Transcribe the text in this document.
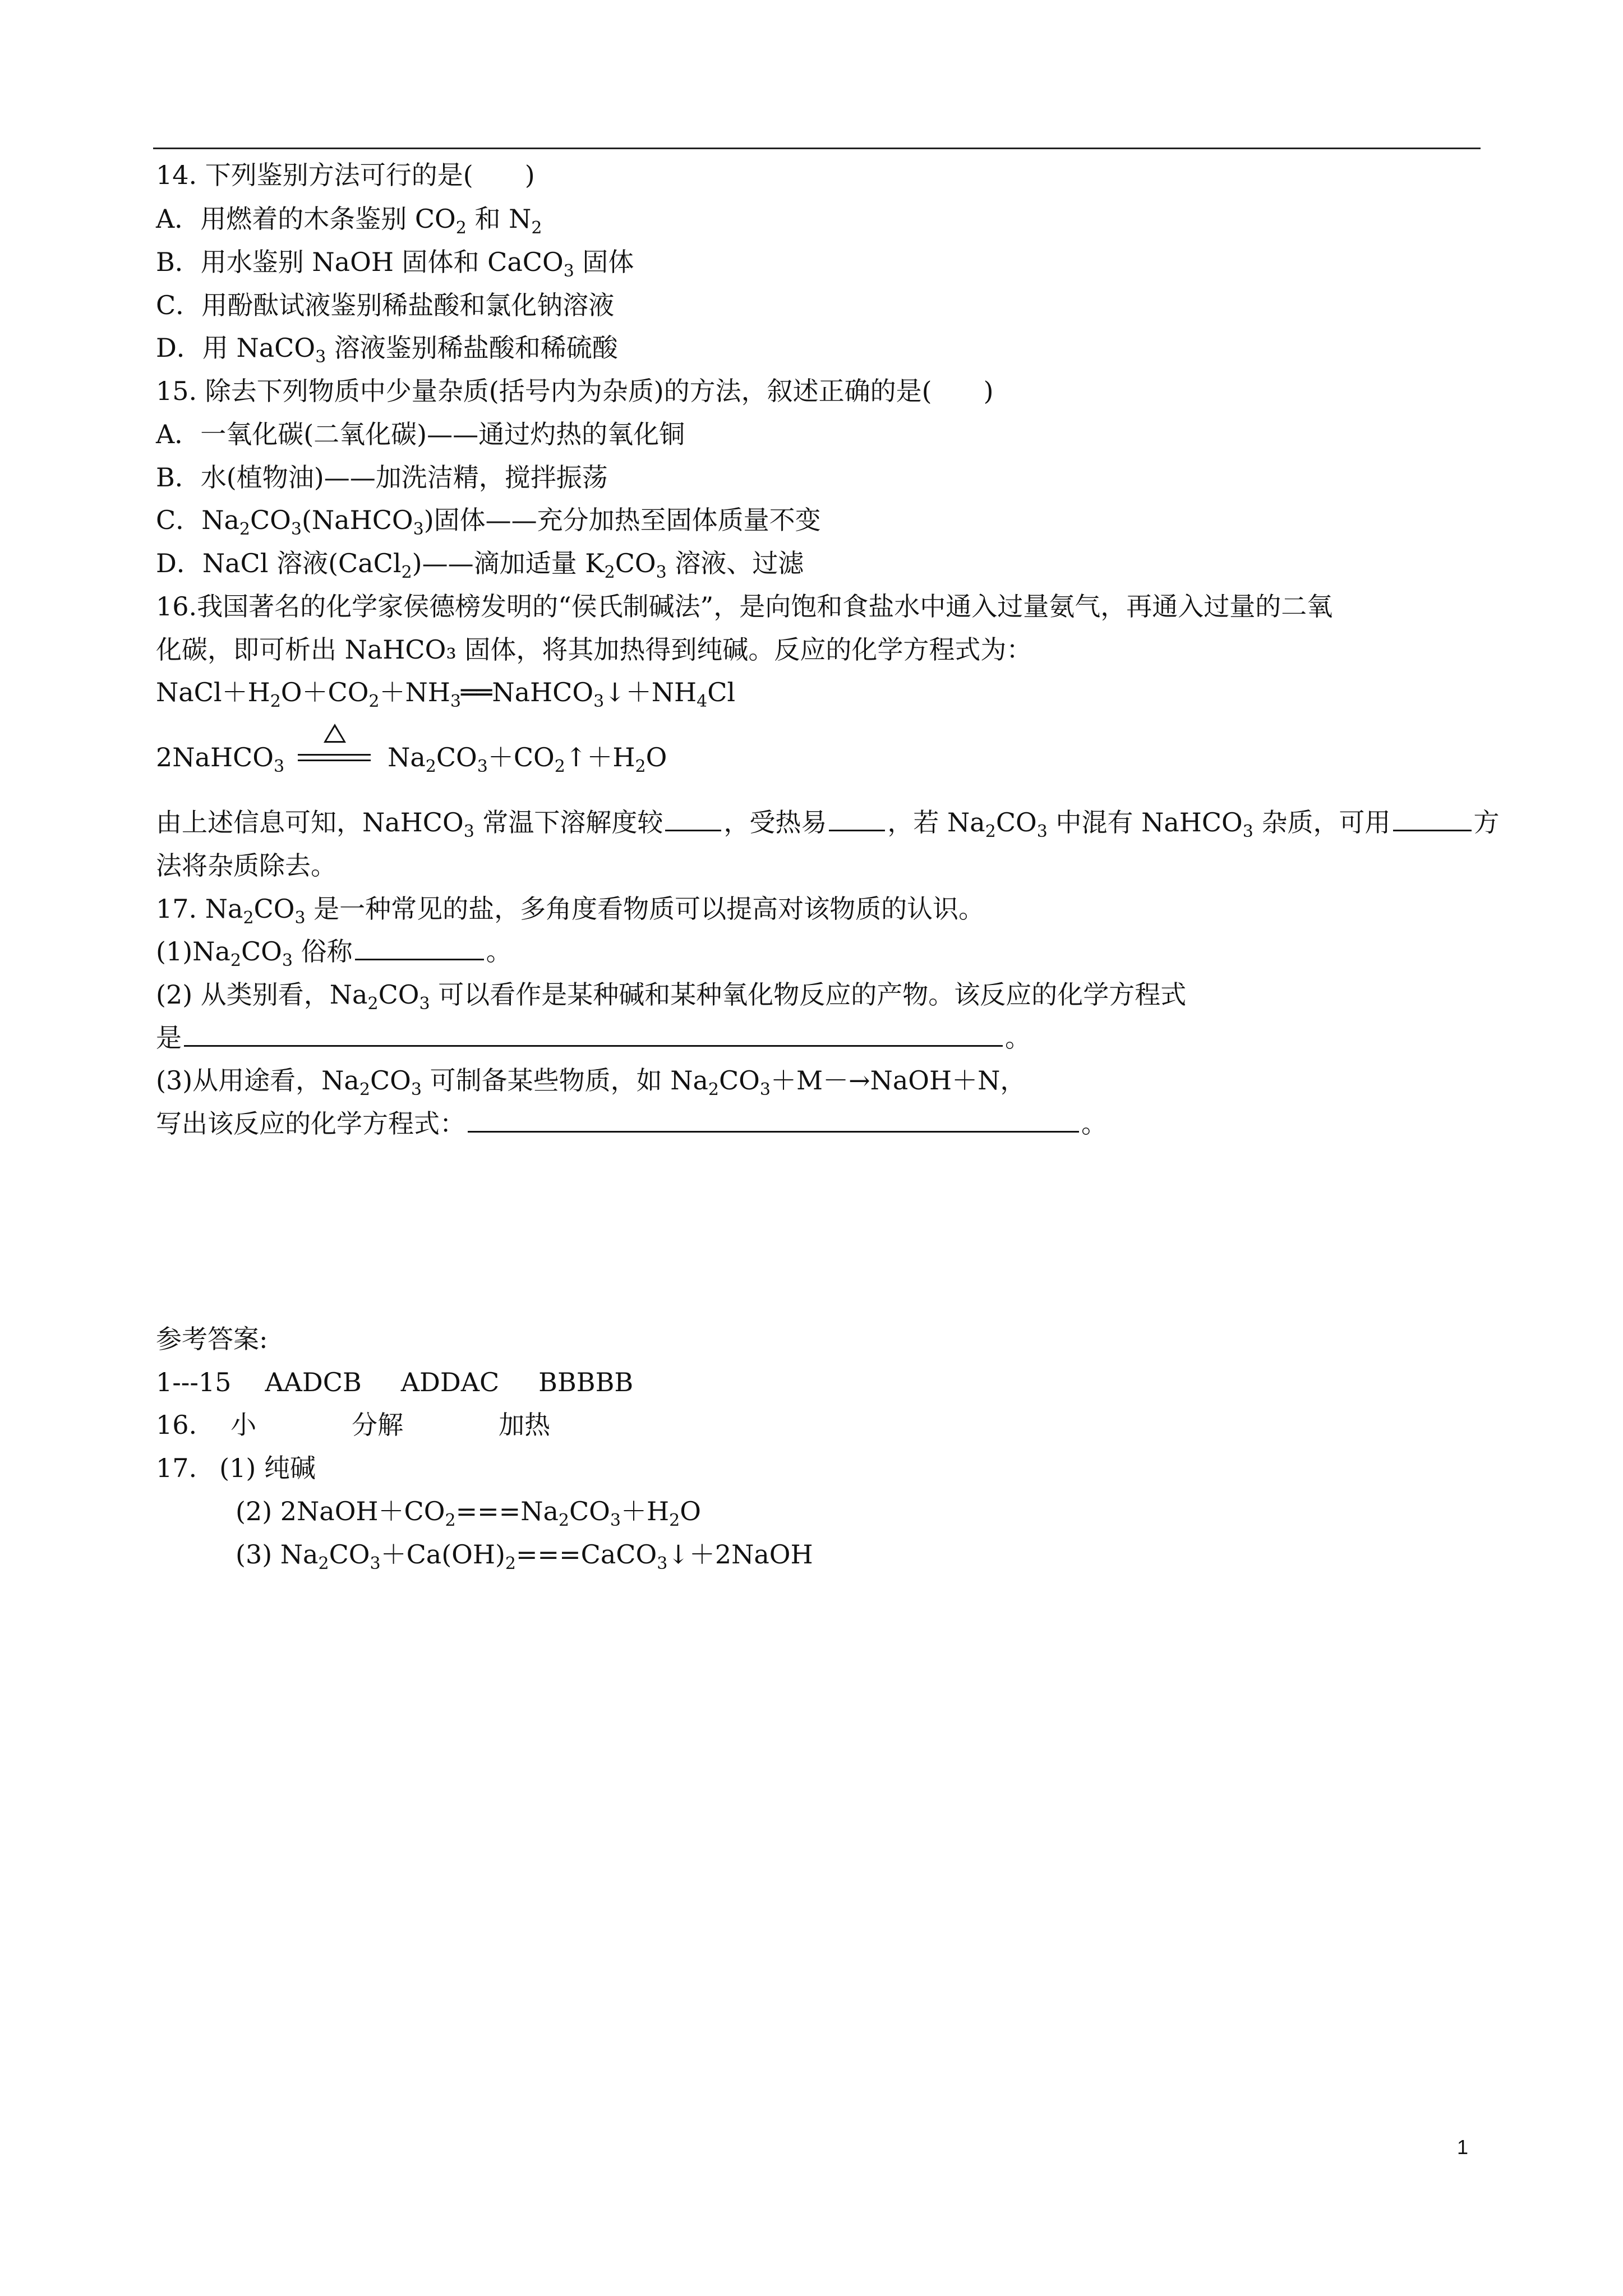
14. 下列鉴别方法可行的是(　　)
A．用燃着的木条鉴别 $CO_2$ 和 $N_2$
B．用水鉴别 NaOH 固体和 CaCO$_3$ 固体
C．用酚酞试液鉴别稀盐酸和氯化钠溶液
D．用 NaCO$_3$ 溶液鉴别稀盐酸和稀硫酸
15. 除去下列物质中少量杂质(括号内为杂质)的方法，叙述正确的是(　　)
A．一氧化碳(二氧化碳)——通过灼热的氧化铜
B．水(植物油)——加洗洁精，搅拌振荡
C．$Na_2CO_3(NaHCO_3)$固体——充分加热至固体质量不变
D．NaCl 溶液(CaCl$_2$)——滴加适量 $K_2CO_3$ 溶液、过滤
16.我国著名的化学家侯德榜发明的“侯氏制碱法”，是向饱和食盐水中通入过量氨气，再通入过量的二氧
化碳，即可析出 NaHCO₃ 固体，将其加热得到纯碱。反应的化学方程式为：
$NaCl+H_2O+CO_2+NH_3══NaHCO_3↓+NH_4Cl$
2NaHCO$_3$	$Na_2CO_3+CO_2↑+H_2O$
由上述信息可知，NaHCO$_3$ 常温下溶解度较 ，受热易 ，若 $Na_2CO_3$ 中混有 NaHCO$_3$ 杂质，可用	方
法将杂质除去。
17. $Na_2CO_3$ 是一种常见的盐，多角度看物质可以提高对该物质的认识。
$(1)Na_2CO_3$ 俗称	。
(2) 从类别看，$Na_2CO_3$ 可以看作是某种碱和某种氧化物反应的产物。该反应的化学方程式
是	。
(3)从用途看，$Na_2CO_3$ 可制备某些物质，如 $Na_2CO_3+M-\to NaOH+N$，
写出该反应的化学方程式：	。
参考答案:
1---15 AADCB ADDAC BBBBB
16. 小	分解	加热
17. (1) 纯碱
(2) $2NaOH+CO_2===Na_2CO_3+H_2O$
(3) $Na_2CO_3+Ca(OH)_2===CaCO_3↓+2NaOH$
1
